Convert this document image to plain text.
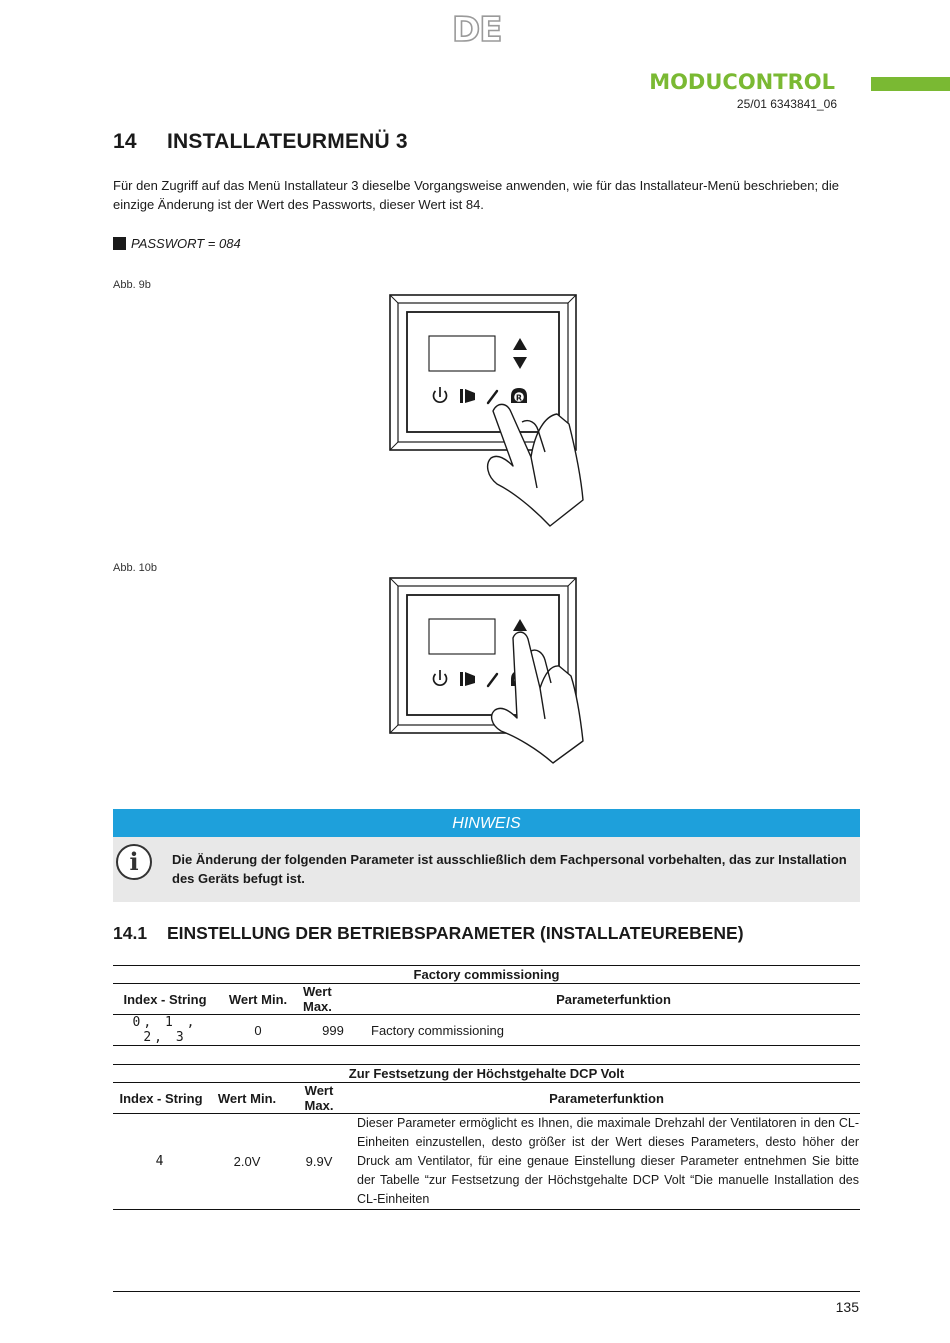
DE
MODUCONTROL
25/01 6343841_06
14 INSTALLATEURMENÜ 3
Für den Zugriff auf das Menü Installateur 3 dieselbe Vorgangsweise anwenden, wie für das Installateur-Menü beschrieben; die einzige Änderung ist der Wert des Passworts, dieser Wert ist 84.
PASSWORT = 084
Abb. 9b
R
Abb. 10b
HINWEIS
i	Die Änderung der folgenden Parameter ist ausschließlich dem Fachpersonal vorbehalten, das zur Installation des Geräts befugt ist.
14.1 EINSTELLUNG DER BETRIEBSPARAMETER (INSTALLATEUREBENE)
Factory commissioning			
Index - String	Wert Min.	Wert Max.	Parameterfunktion
0, 1 , 2, 3	0	999	Factory commissioning
Zur Festsetzung der Höchstgehalte DCP Volt			
Index - String	Wert Min.	Wert Max.	Parameterfunktion
4	2.0V	9.9V	Dieser Parameter ermöglicht es Ihnen, die maximale Drehzahl der Ventilatoren in den CL-Einheiten einzustellen, desto größer ist der Wert dieses Parameters, desto höher der Druck am Ventilator, für eine genaue Einstellung dieser Parameter entnehmen Sie bitte der Tabelle “zur Festsetzung der Höchstgehalte DCP Volt “Die manuelle Installation des CL-Einheiten
135
